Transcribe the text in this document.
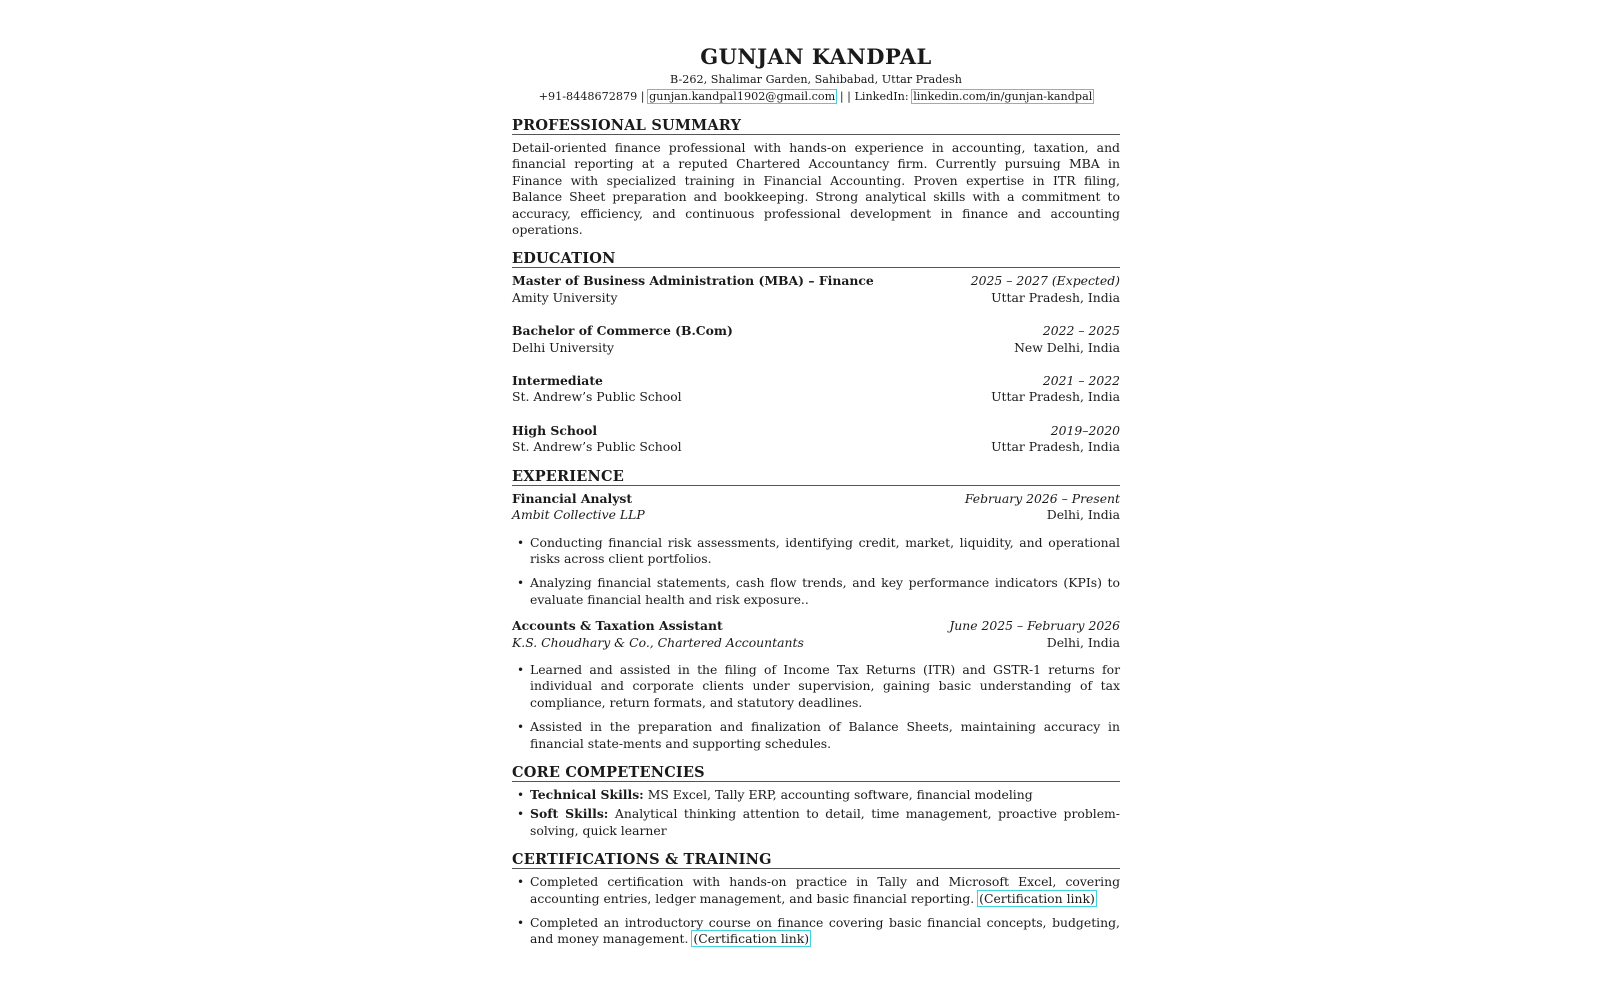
GUNJAN KANDPAL
B-262, Shalimar Garden, Sahibabad, Uttar Pradesh
+91-8448672879 | gunjan.kandpal1902@gmail.com | | LinkedIn: linkedin.com/in/gunjan-kandpal
PROFESSIONAL SUMMARY
Detail-oriented finance professional with hands-on experience in accounting, taxation, and financial reporting at a reputed Chartered Accountancy firm. Currently pursuing MBA in Finance with specialized training in Financial Accounting. Proven expertise in ITR filing, Balance Sheet preparation and bookkeeping. Strong analytical skills with a commitment to accuracy, efficiency, and continuous professional development in finance and accounting operations.
EDUCATION
Master of Business Administration (MBA) – Finance	2025 – 2027 (Expected)
Amity University	Uttar Pradesh, India
Bachelor of Commerce (B.Com)	2022 – 2025
Delhi University	New Delhi, India
Intermediate	2021 – 2022
St. Andrew’s Public School	Uttar Pradesh, India
High School	2019–2020
St. Andrew’s Public School	Uttar Pradesh, India
EXPERIENCE
Financial Analyst	February 2026 – Present
Ambit Collective LLP	Delhi, India
• Conducting financial risk assessments, identifying credit, market, liquidity, and operational risks across client portfolios.
• Analyzing financial statements, cash flow trends, and key performance indicators (KPIs) to evaluate financial health and risk exposure..
Accounts & Taxation Assistant	June 2025 – February 2026
K.S. Choudhary & Co., Chartered Accountants	Delhi, India
• Learned and assisted in the filing of Income Tax Returns (ITR) and GSTR-1 returns for individual and corporate clients under supervision, gaining basic understanding of tax compliance, return formats, and statutory deadlines.
• Assisted in the preparation and finalization of Balance Sheets, maintaining accuracy in financial state-ments and supporting schedules.
CORE COMPETENCIES
• Technical Skills: MS Excel, Tally ERP, accounting software, financial modeling
• Soft Skills: Analytical thinking attention to detail, time management, proactive problem-solving, quick learner
CERTIFICATIONS & TRAINING
• Completed certification with hands-on practice in Tally and Microsoft Excel, covering accounting entries, ledger management, and basic financial reporting. (Certification link)
• Completed an introductory course on finance covering basic financial concepts, budgeting, and money management. (Certification link)
